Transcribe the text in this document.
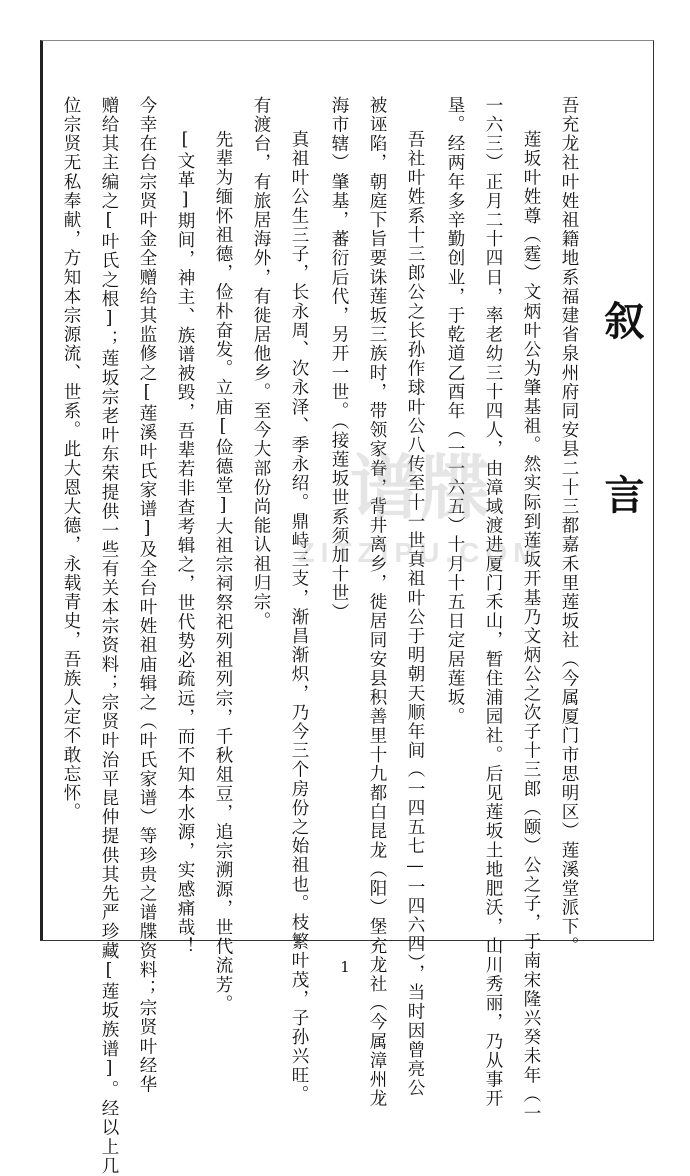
叙 言
吾充龙社叶姓祖籍地系福建省泉州府同安县二十三都嘉禾里莲坂社（今属厦门市思明区）莲溪堂派下。
莲坂叶姓尊（霆）文炳叶公为肇基祖。然实际到莲坂开基乃文炳公之次子十三郎（颐）公之子，于南宋隆兴癸未年（一
一六三）正月二十四日，率老幼三十四人，由漳域渡进厦门禾山，暂住浦园社。后见莲坂土地肥沃，山川秀丽，乃从事开
垦。经两年多辛勤创业，于乾道乙酉年（一一六五）十月十五日定居莲坂。
吾社叶姓系十三郎公之长孙作球叶公八传至十一世真祖叶公于明朝天顺年间（一四五七—一四六四），当时因曾亮公
被诬陷，朝庭下旨要诛莲坂三族时，带领家眷，背井离乡，徙居同安县积善里十九都白昆龙（阳）堡充龙社（今属漳州龙
海市辖）肇基，蕃衍后代，另开一世。（接莲坂世系须加十世）
真祖叶公生三子，长永周、次永泽、季永绍。鼎峙三支，渐昌渐炽，乃今三个房份之始祖也。枝繁叶茂，子孙兴旺。
有渡台，有旅居海外，有徙居他乡。至今大部份尚能认祖归宗。
先辈为缅怀祖德，俭朴奋发。立庙[俭德堂]大祖宗祠祭祀列祖列宗，千秋俎豆，追宗溯源，世代流芳。
[文革]期间，神主、族谱被毁，吾辈若非查考辑之，世代势必疏远，而不知本水源，实感痛哉！
今幸在台宗贤叶金全赠给其监修之[莲溪叶氏家谱]及全台叶姓祖庙辑之（叶氏家谱）等珍贵之谱牒资料；宗贤叶经华
赠给其主编之[叶氏之根]；莲坂宗老叶东荣提供一些有关本宗资料；宗贤叶治平昆仲提供其先严珍藏[莲坂族谱]。经以上几
位宗贤无私奉献，方知本宗源流、世系。此大恩大德，永载青史，吾族人定不敢忘怀。	谱牒
ZITZIPU.COM
1
